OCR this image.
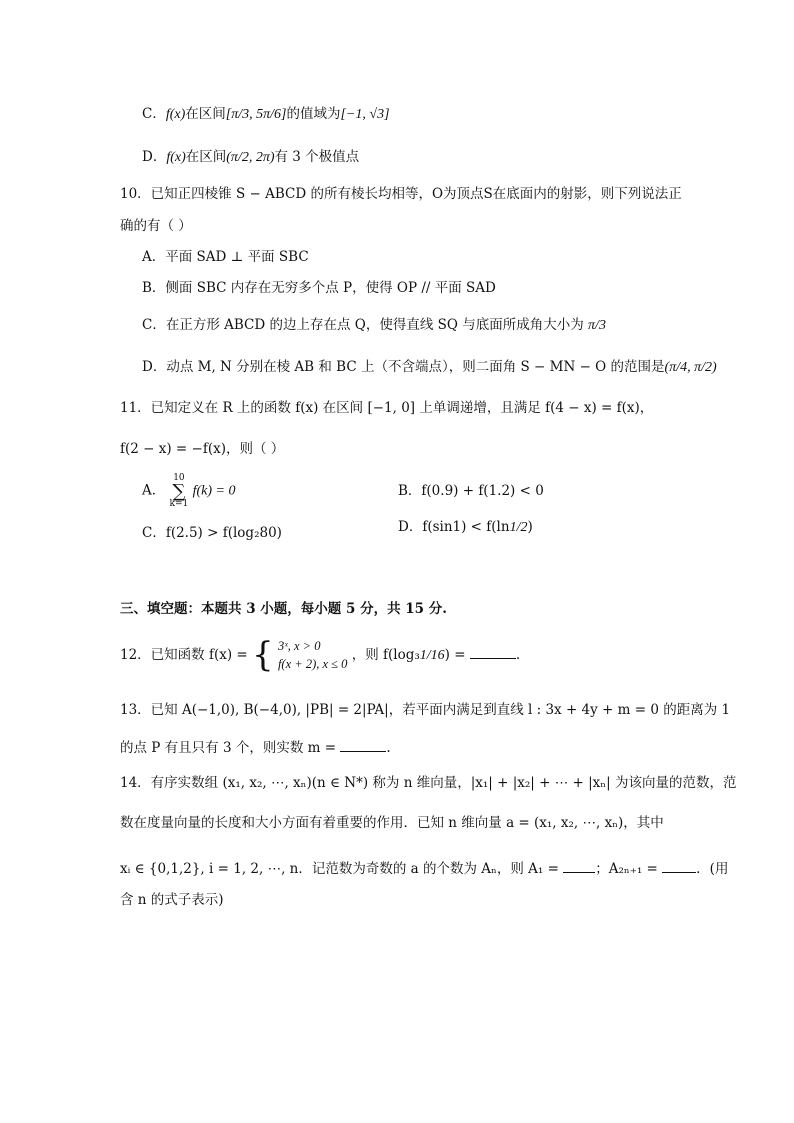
C．f(x)在区间[π/3, 5π/6]的值域为[−1, √3]
D．f(x)在区间(π/2, 2π)有 3 个极值点
10．已知正四棱锥 S − ABCD 的所有棱长均相等，O为顶点S在底面内的射影，则下列说法正
确的有（ ）
A．平面 SAD ⊥ 平面 SBC
B．侧面 SBC 内存在无穷多个点 P，使得 OP // 平面 SAD
C．在正方形 ABCD 的边上存在点 Q，使得直线 SQ 与底面所成角大小为 π/3
D．动点 M, N 分别在棱 AB 和 BC 上（不含端点），则二面角 S − MN − O 的范围是(π/4, π/2)
11．已知定义在 R 上的函数 f(x) 在区间 [−1, 0] 上单调递增，且满足 f(4 − x) = f(x)，
f(2 − x) = −f(x)，则（ ）
A．
10
∑
k=1
f(k) = 0	B．f(0.9) + f(1.2) < 0
C．f(2.5) > f(log₂80)	D．f(sin1) < f(ln1/2)
三、填空题：本题共 3 小题，每小题 5 分，共 15 分.
12．已知函数 f(x) = { 3ˣ, x > 0
f(x + 2), x ≤ 0
，则 f(log₃1/16) =	.
13．已知 A(−1,0), B(−4,0), |PB| = 2|PA|，若平面内满足到直线 l : 3x + 4y + m = 0 的距离为 1
的点 P 有且只有 3 个，则实数 m =	.
14．有序实数组 (x₁, x₂, ⋯, xₙ)(n ∈ N*) 称为 n 维向量，|x₁| + |x₂| + ⋯ + |xₙ| 为该向量的范数，范
数在度量向量的长度和大小方面有着重要的作用．已知 n 维向量 a = (x₁, x₂, ⋯, xₙ)，其中
xᵢ ∈ {0,1,2}, i = 1, 2, ⋯, n．记范数为奇数的 a 的个数为 Aₙ，则 A₁ =	；A₂ₙ₊₁ =	．(用
含 n 的式子表示)
